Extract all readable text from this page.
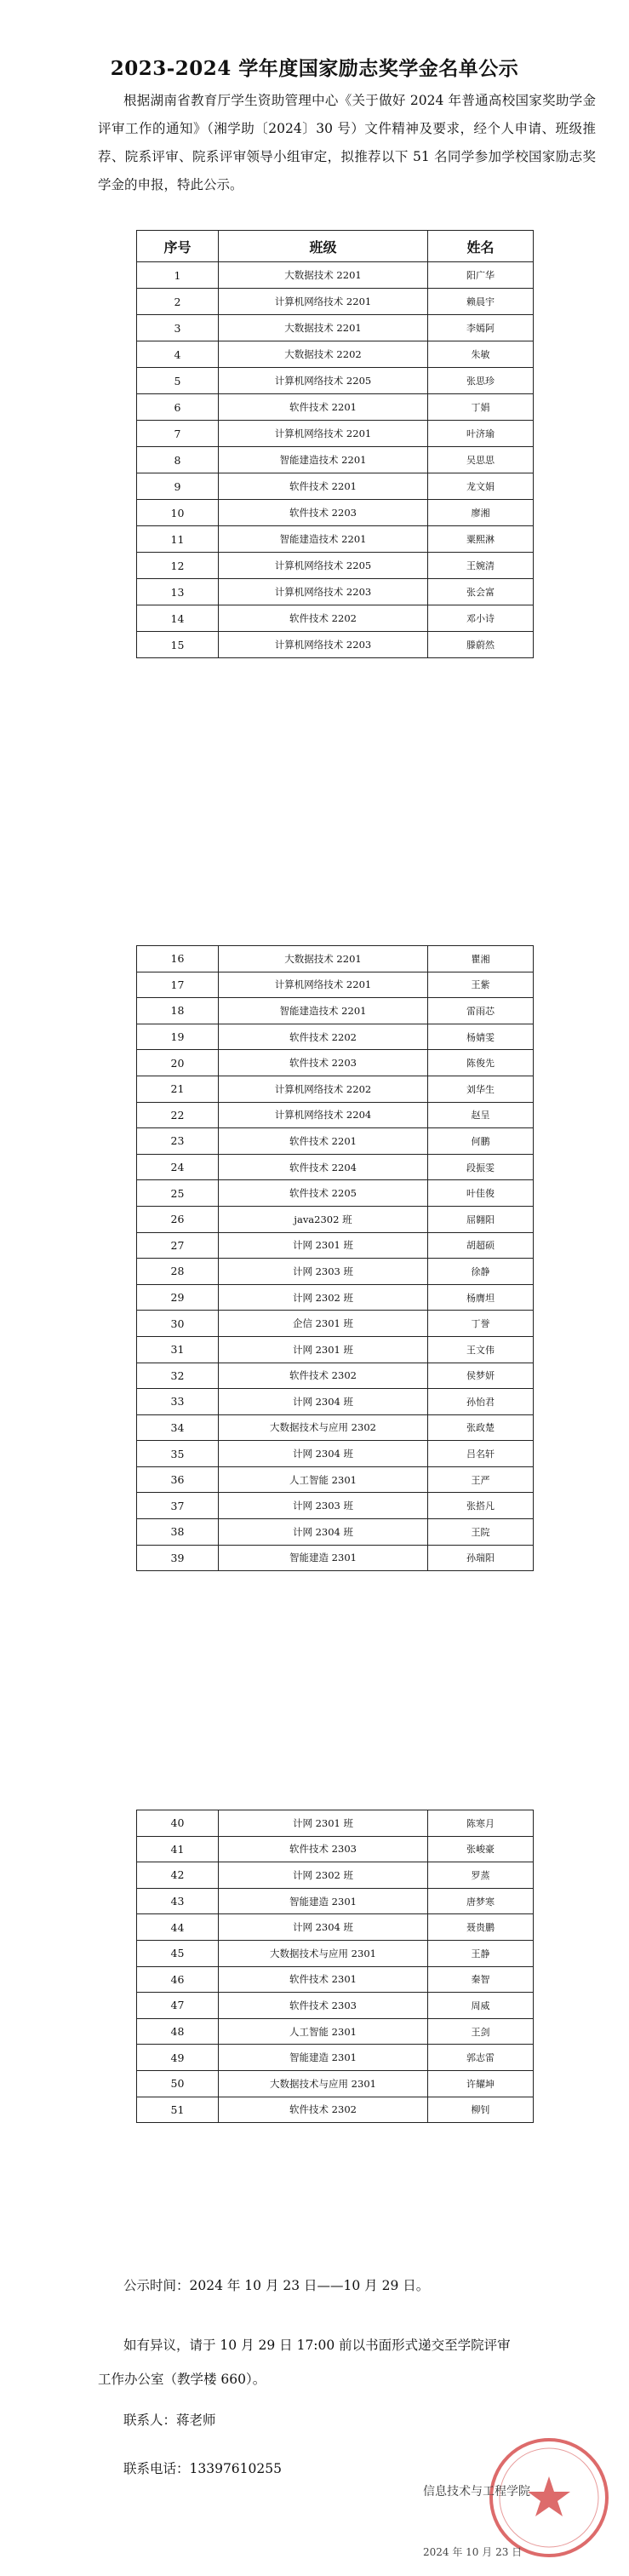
2023-2024 学年度国家励志奖学金名单公示
根据湖南省教育厅学生资助管理中心《关于做好 2024 年普通高校国家奖助学金评审工作的通知》（湘学助〔2024〕30 号）文件精神及要求，经个人申请、班级推荐、院系评审、院系评审领导小组审定，拟推荐以下 51 名同学参加学校国家励志奖学金的申报，特此公示。
序号	班级	姓名
1	大数据技术 2201	阳广华
2	计算机网络技术 2201	赖晨宇
3	大数据技术 2201	李嫣阿
4	大数据技术 2202	朱敏
5	计算机网络技术 2205	张思珍
6	软件技术 2201	丁娟
7	计算机网络技术 2201	叶济瑜
8	智能建造技术 2201	吴思思
9	软件技术 2201	龙文娟
10	软件技术 2203	廖湘
11	智能建造技术 2201	粟熙淋
12	计算机网络技术 2205	王婉清
13	计算机网络技术 2203	张会富
14	软件技术 2202	邓小诗
15	计算机网络技术 2203	滕蔚然
16	大数据技术 2201	瞿湘
17	计算机网络技术 2201	王紫
18	智能建造技术 2201	雷雨芯
19	软件技术 2202	杨婧雯
20	软件技术 2203	陈俊先
21	计算机网络技术 2202	刘华生
22	计算机网络技术 2204	赵呈
23	软件技术 2201	何鹏
24	软件技术 2204	段振雯
25	软件技术 2205	叶佳俊
26	java2302 班	屈翱阳
27	计网 2301 班	胡超硕
28	计网 2303 班	徐静
29	计网 2302 班	杨膺坦
30	企信 2301 班	丁誉
31	计网 2301 班	王文伟
32	软件技术 2302	侯梦妍
33	计网 2304 班	孙怡君
34	大数据技术与应用 2302	张政楚
35	计网 2304 班	吕名轩
36	人工智能 2301	王严
37	计网 2303 班	张搭凡
38	计网 2304 班	王院
39	智能建造 2301	孙瑞阳
40	计网 2301 班	陈寒月
41	软件技术 2303	张峻豪
42	计网 2302 班	罗蒸
43	智能建造 2301	唐梦寒
44	计网 2304 班	聂贵鹏
45	大数据技术与应用 2301	王静
46	软件技术 2301	秦智
47	软件技术 2303	周威
48	人工智能 2301	王剑
49	智能建造 2301	郭志雷
50	大数据技术与应用 2301	许耀坤
51	软件技术 2302	柳钊

公示时间：2024 年 10 月 23 日——10 月 29 日。

如有异议，请于 10 月 29 日 17:00 前以书面形式递交至学院评审

工作办公室（教学楼 660）。

联系人：蒋老师

联系电话：13397610255

信息技术与工程学院
2024 年 10 月 23 日
